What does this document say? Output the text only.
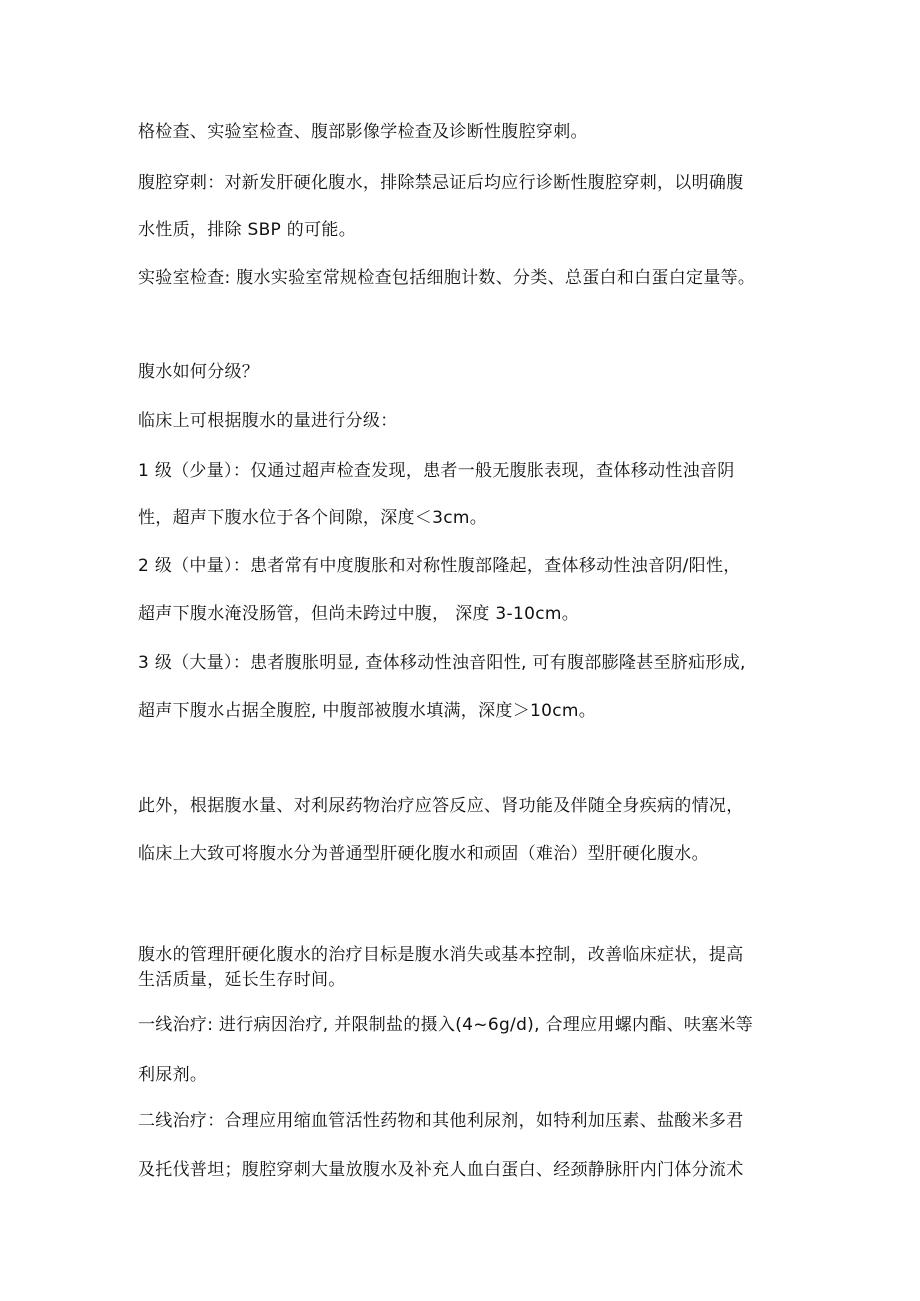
格检查、实验室检查、腹部影像学检查及诊断性腹腔穿刺。
腹腔穿刺：对新发肝硬化腹水，排除禁忌证后均应行诊断性腹腔穿刺，以明确腹
水性质，排除 SBP 的可能。
实验室检查: 腹水实验室常规检查包括细胞计数、分类、总蛋白和白蛋白定量等。
腹水如何分级？
临床上可根据腹水的量进行分级：
1 级（少量）：仅通过超声检查发现，患者一般无腹胀表现，查体移动性浊音阴
性，超声下腹水位于各个间隙，深度＜3cm。
2 级（中量）：患者常有中度腹胀和对称性腹部隆起，查体移动性浊音阴/阳性，
超声下腹水淹没肠管，但尚未跨过中腹， 深度 3-10cm。
3 级（大量）：患者腹胀明显, 查体移动性浊音阳性, 可有腹部膨隆甚至脐疝形成,
超声下腹水占据全腹腔, 中腹部被腹水填满，深度＞10cm。
此外，根据腹水量、对利尿药物治疗应答反应、肾功能及伴随全身疾病的情况，
临床上大致可将腹水分为普通型肝硬化腹水和顽固（难治）型肝硬化腹水。
腹水的管理肝硬化腹水的治疗目标是腹水消失或基本控制，改善临床症状，提高
生活质量，延长生存时间。
一线治疗: 进行病因治疗, 并限制盐的摄入(4~6g/d), 合理应用螺内酯、呋塞米等
利尿剂。
二线治疗：合理应用缩血管活性药物和其他利尿剂，如特利加压素、盐酸米多君
及托伐普坦；腹腔穿刺大量放腹水及补充人血白蛋白、经颈静脉肝内门体分流术
